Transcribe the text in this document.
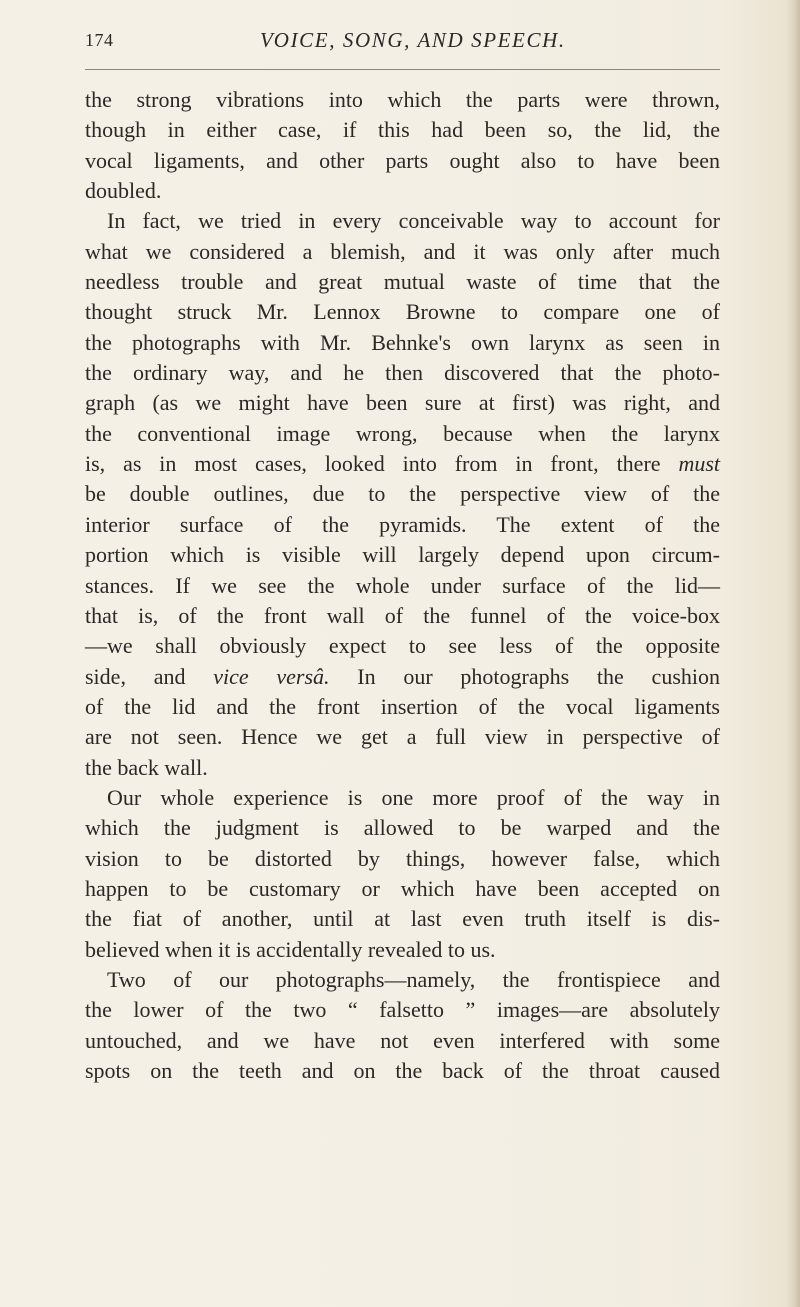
174	VOICE, SONG, AND SPEECH.
the strong vibrations into which the parts were thrown,
though in either case, if this had been so, the lid, the
vocal ligaments, and other parts ought also to have been
doubled.
In fact, we tried in every conceivable way to account for
what we considered a blemish, and it was only after much
needless trouble and great mutual waste of time that the
thought struck Mr. Lennox Browne to compare one of
the photographs with Mr. Behnke's own larynx as seen in
the ordinary way, and he then discovered that the photo-
graph (as we might have been sure at first) was right, and
the conventional image wrong, because when the larynx
is, as in most cases, looked into from in front, there must
be double outlines, due to the perspective view of the
interior surface of the pyramids. The extent of the
portion which is visible will largely depend upon circum-
stances. If we see the whole under surface of the lid—
that is, of the front wall of the funnel of the voice-box
—we shall obviously expect to see less of the opposite
side, and vice versâ. In our photographs the cushion
of the lid and the front insertion of the vocal ligaments
are not seen. Hence we get a full view in perspective of
the back wall.
Our whole experience is one more proof of the way in
which the judgment is allowed to be warped and the
vision to be distorted by things, however false, which
happen to be customary or which have been accepted on
the fiat of another, until at last even truth itself is dis-
believed when it is accidentally revealed to us.
Two of our photographs—namely, the frontispiece and
the lower of the two “ falsetto ” images—are absolutely
untouched, and we have not even interfered with some
spots on the teeth and on the back of the throat caused
